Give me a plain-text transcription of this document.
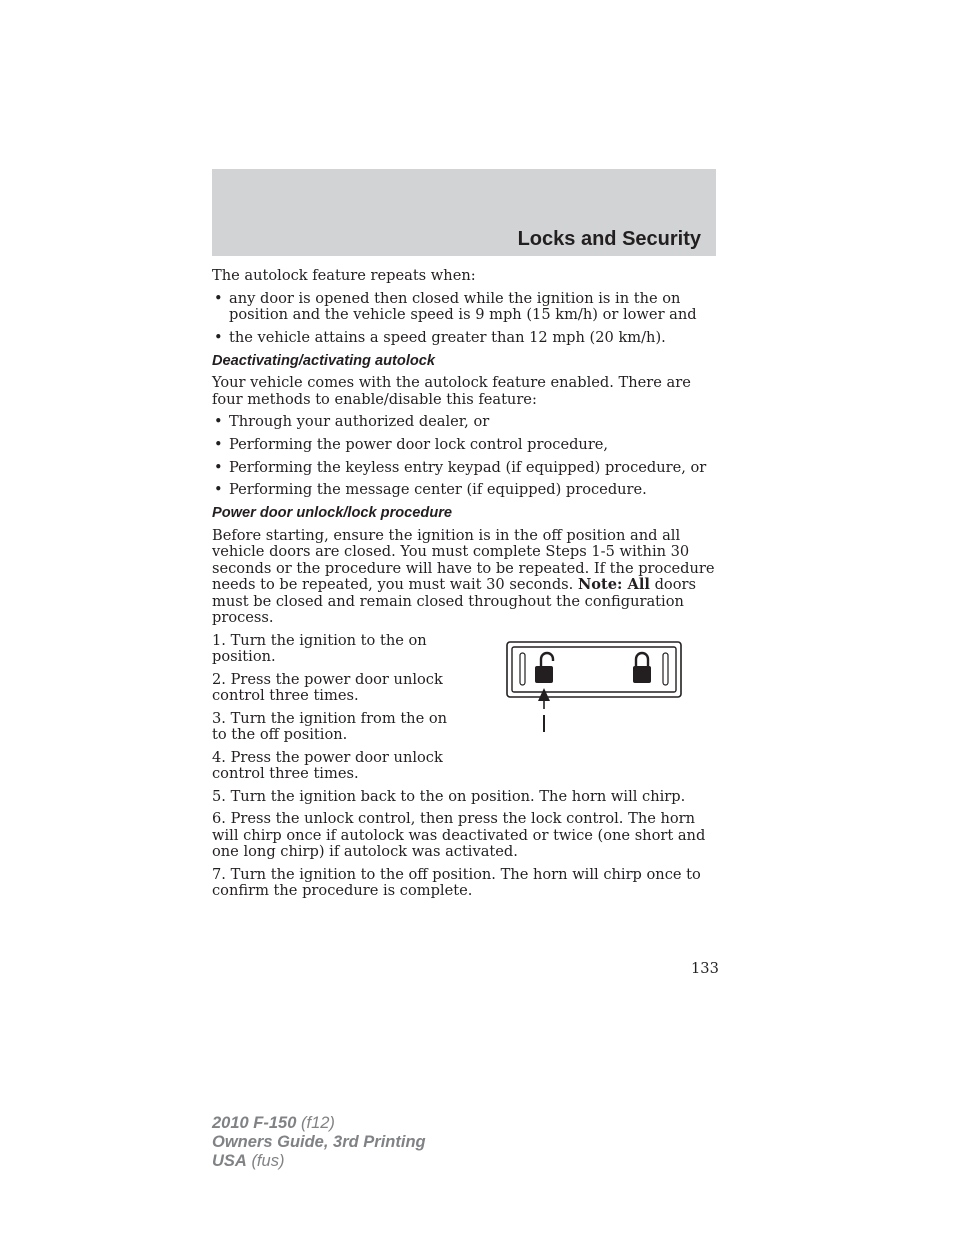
Locks and Security

The autolock feature repeats when:

• any door is opened then closed while the ignition is in the on position and the vehicle speed is 9 mph (15 km/h) or lower and
• the vehicle attains a speed greater than 12 mph (20 km/h).
Deactivating/activating autolock

Your vehicle comes with the autolock feature enabled. There are four methods to enable/disable this feature:

• Through your authorized dealer, or
• Performing the power door lock control procedure,
• Performing the keyless entry keypad (if equipped) procedure, or
• Performing the message center (if equipped) procedure.
Power door unlock/lock procedure

Before starting, ensure the ignition is in the off position and all vehicle doors are closed. You must complete Steps 1-5 within 30 seconds or the procedure will have to be repeated. If the procedure needs to be repeated, you must wait 30 seconds. Note: All doors must be closed and remain closed throughout the configuration process.

1. Turn the ignition to the on position.

2. Press the power door unlock control three times.

3. Turn the ignition from the on to the off position.

4. Press the power door unlock control three times.

5. Turn the ignition back to the on position. The horn will chirp.

6. Press the unlock control, then press the lock control. The horn will chirp once if autolock was deactivated or twice (one short and one long chirp) if autolock was activated.

7. Turn the ignition to the off position. The horn will chirp once to confirm the procedure is complete.

133
2010 F-150 (f12)
Owners Guide, 3rd Printing
USA (fus)
